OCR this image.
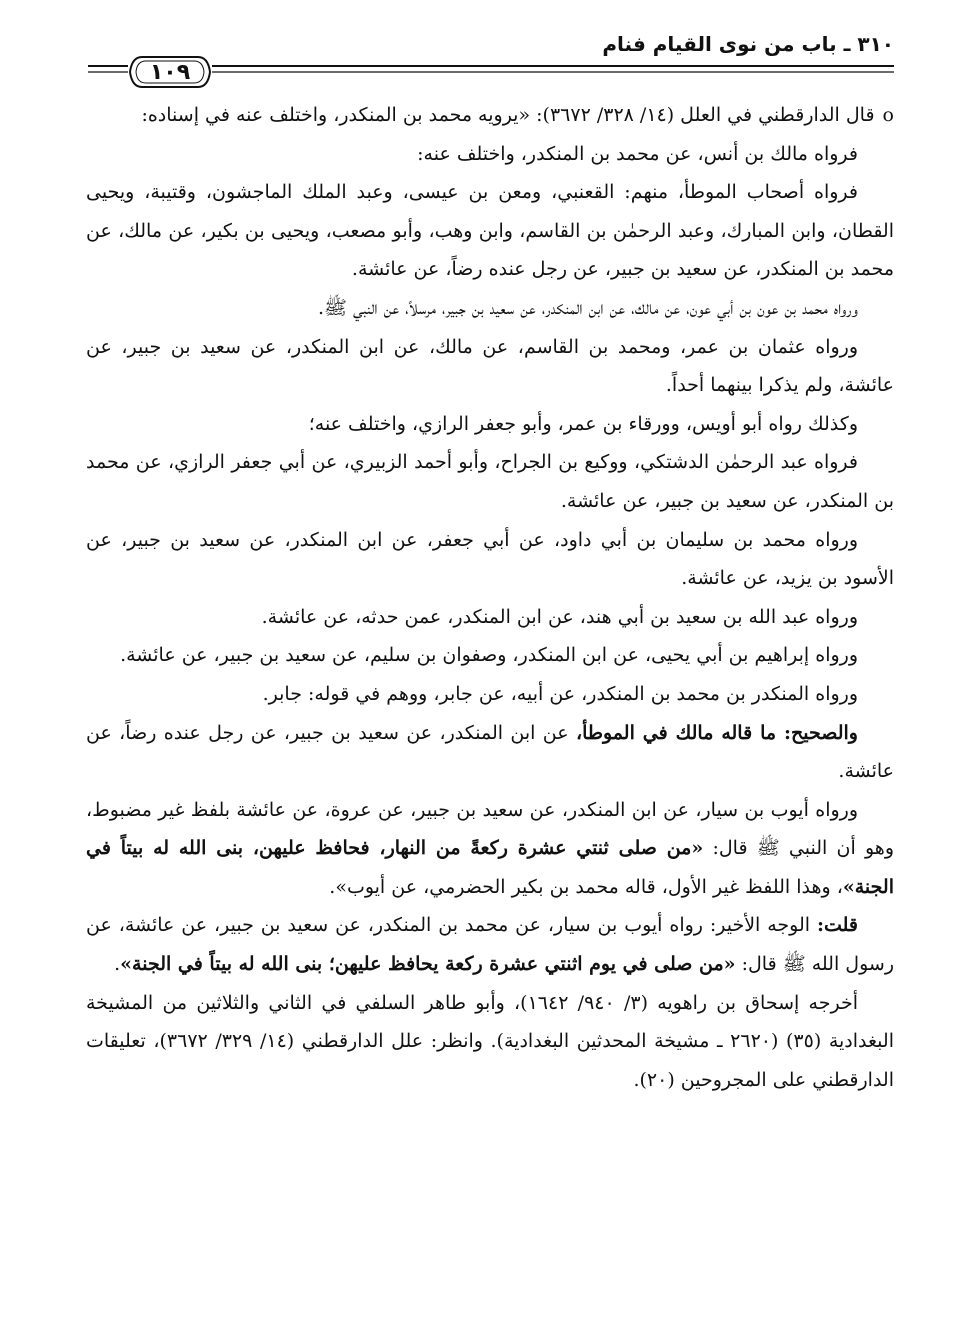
٣١٠ ـ باب من نوى القيام فنام
١٠٩

oقال الدارقطني في العلل (١٤/ ٣٢٨/ ٣٦٧٢): «يرويه محمد بن المنكدر، واختلف عنه في إسناده:

فرواه مالك بن أنس، عن محمد بن المنكدر، واختلف عنه:

فرواه أصحاب الموطأ، منهم: القعنبي، ومعن بن عيسى، وعبد الملك الماجشون، وقتيبة، ويحيى القطان، وابن المبارك، وعبد الرحمٰن بن القاسم، وابن وهب، وأبو مصعب، ويحيى بن بكير، عن مالك، عن محمد بن المنكدر، عن سعيد بن جبير، عن رجل عنده رضاً، عن عائشة.

ورواه محمد بن عون بن أبي عون، عن مالك، عن ابن المنكدر، عن سعيد بن جبير، مرسلاً، عن النبي ﷺ.

ورواه عثمان بن عمر، ومحمد بن القاسم، عن مالك، عن ابن المنكدر، عن سعيد بن جبير، عن عائشة، ولم يذكرا بينهما أحداً.

وكذلك رواه أبو أويس، وورقاء بن عمر، وأبو جعفر الرازي، واختلف عنه؛

فرواه عبد الرحمٰن الدشتكي، ووكيع بن الجراح، وأبو أحمد الزبيري، عن أبي جعفر الرازي، عن محمد بن المنكدر، عن سعيد بن جبير، عن عائشة.

ورواه محمد بن سليمان بن أبي داود، عن أبي جعفر، عن ابن المنكدر، عن سعيد بن جبير، عن الأسود بن يزيد، عن عائشة.

ورواه عبد الله بن سعيد بن أبي هند، عن ابن المنكدر، عمن حدثه، عن عائشة.

ورواه إبراهيم بن أبي يحيى، عن ابن المنكدر، وصفوان بن سليم، عن سعيد بن جبير، عن عائشة.

ورواه المنكدر بن محمد بن المنكدر، عن أبيه، عن جابر، ووهم في قوله: جابر.

والصحيح: ما قاله مالك في الموطأ، عن ابن المنكدر، عن سعيد بن جبير، عن رجل عنده رضاً، عن عائشة.

ورواه أيوب بن سيار، عن ابن المنكدر، عن سعيد بن جبير، عن عروة، عن عائشة بلفظ غير مضبوط، وهو أن النبي ﷺ قال: «من صلى ثنتي عشرة ركعةً من النهار، فحافظ عليهن، بنى الله له بيتاً في الجنة»، وهذا اللفظ غير الأول، قاله محمد بن بكير الحضرمي، عن أيوب».

قلت: الوجه الأخير: رواه أيوب بن سيار، عن محمد بن المنكدر، عن سعيد بن جبير، عن عائشة، عن رسول الله ﷺ قال: «من صلى في يوم اثنتي عشرة ركعة يحافظ عليهن؛ بنى الله له بيتاً في الجنة».

أخرجه إسحاق بن راهويه (٣/ ٩٤٠/ ١٦٤٢)، وأبو طاهر السلفي في الثاني والثلاثين من المشيخة البغدادية (٣٥) (٢٦٢٠ ـ مشيخة المحدثين البغدادية). وانظر: علل الدارقطني (١٤/ ٣٢٩/ ٣٦٧٢)، تعليقات الدارقطني على المجروحين (٢٠).
